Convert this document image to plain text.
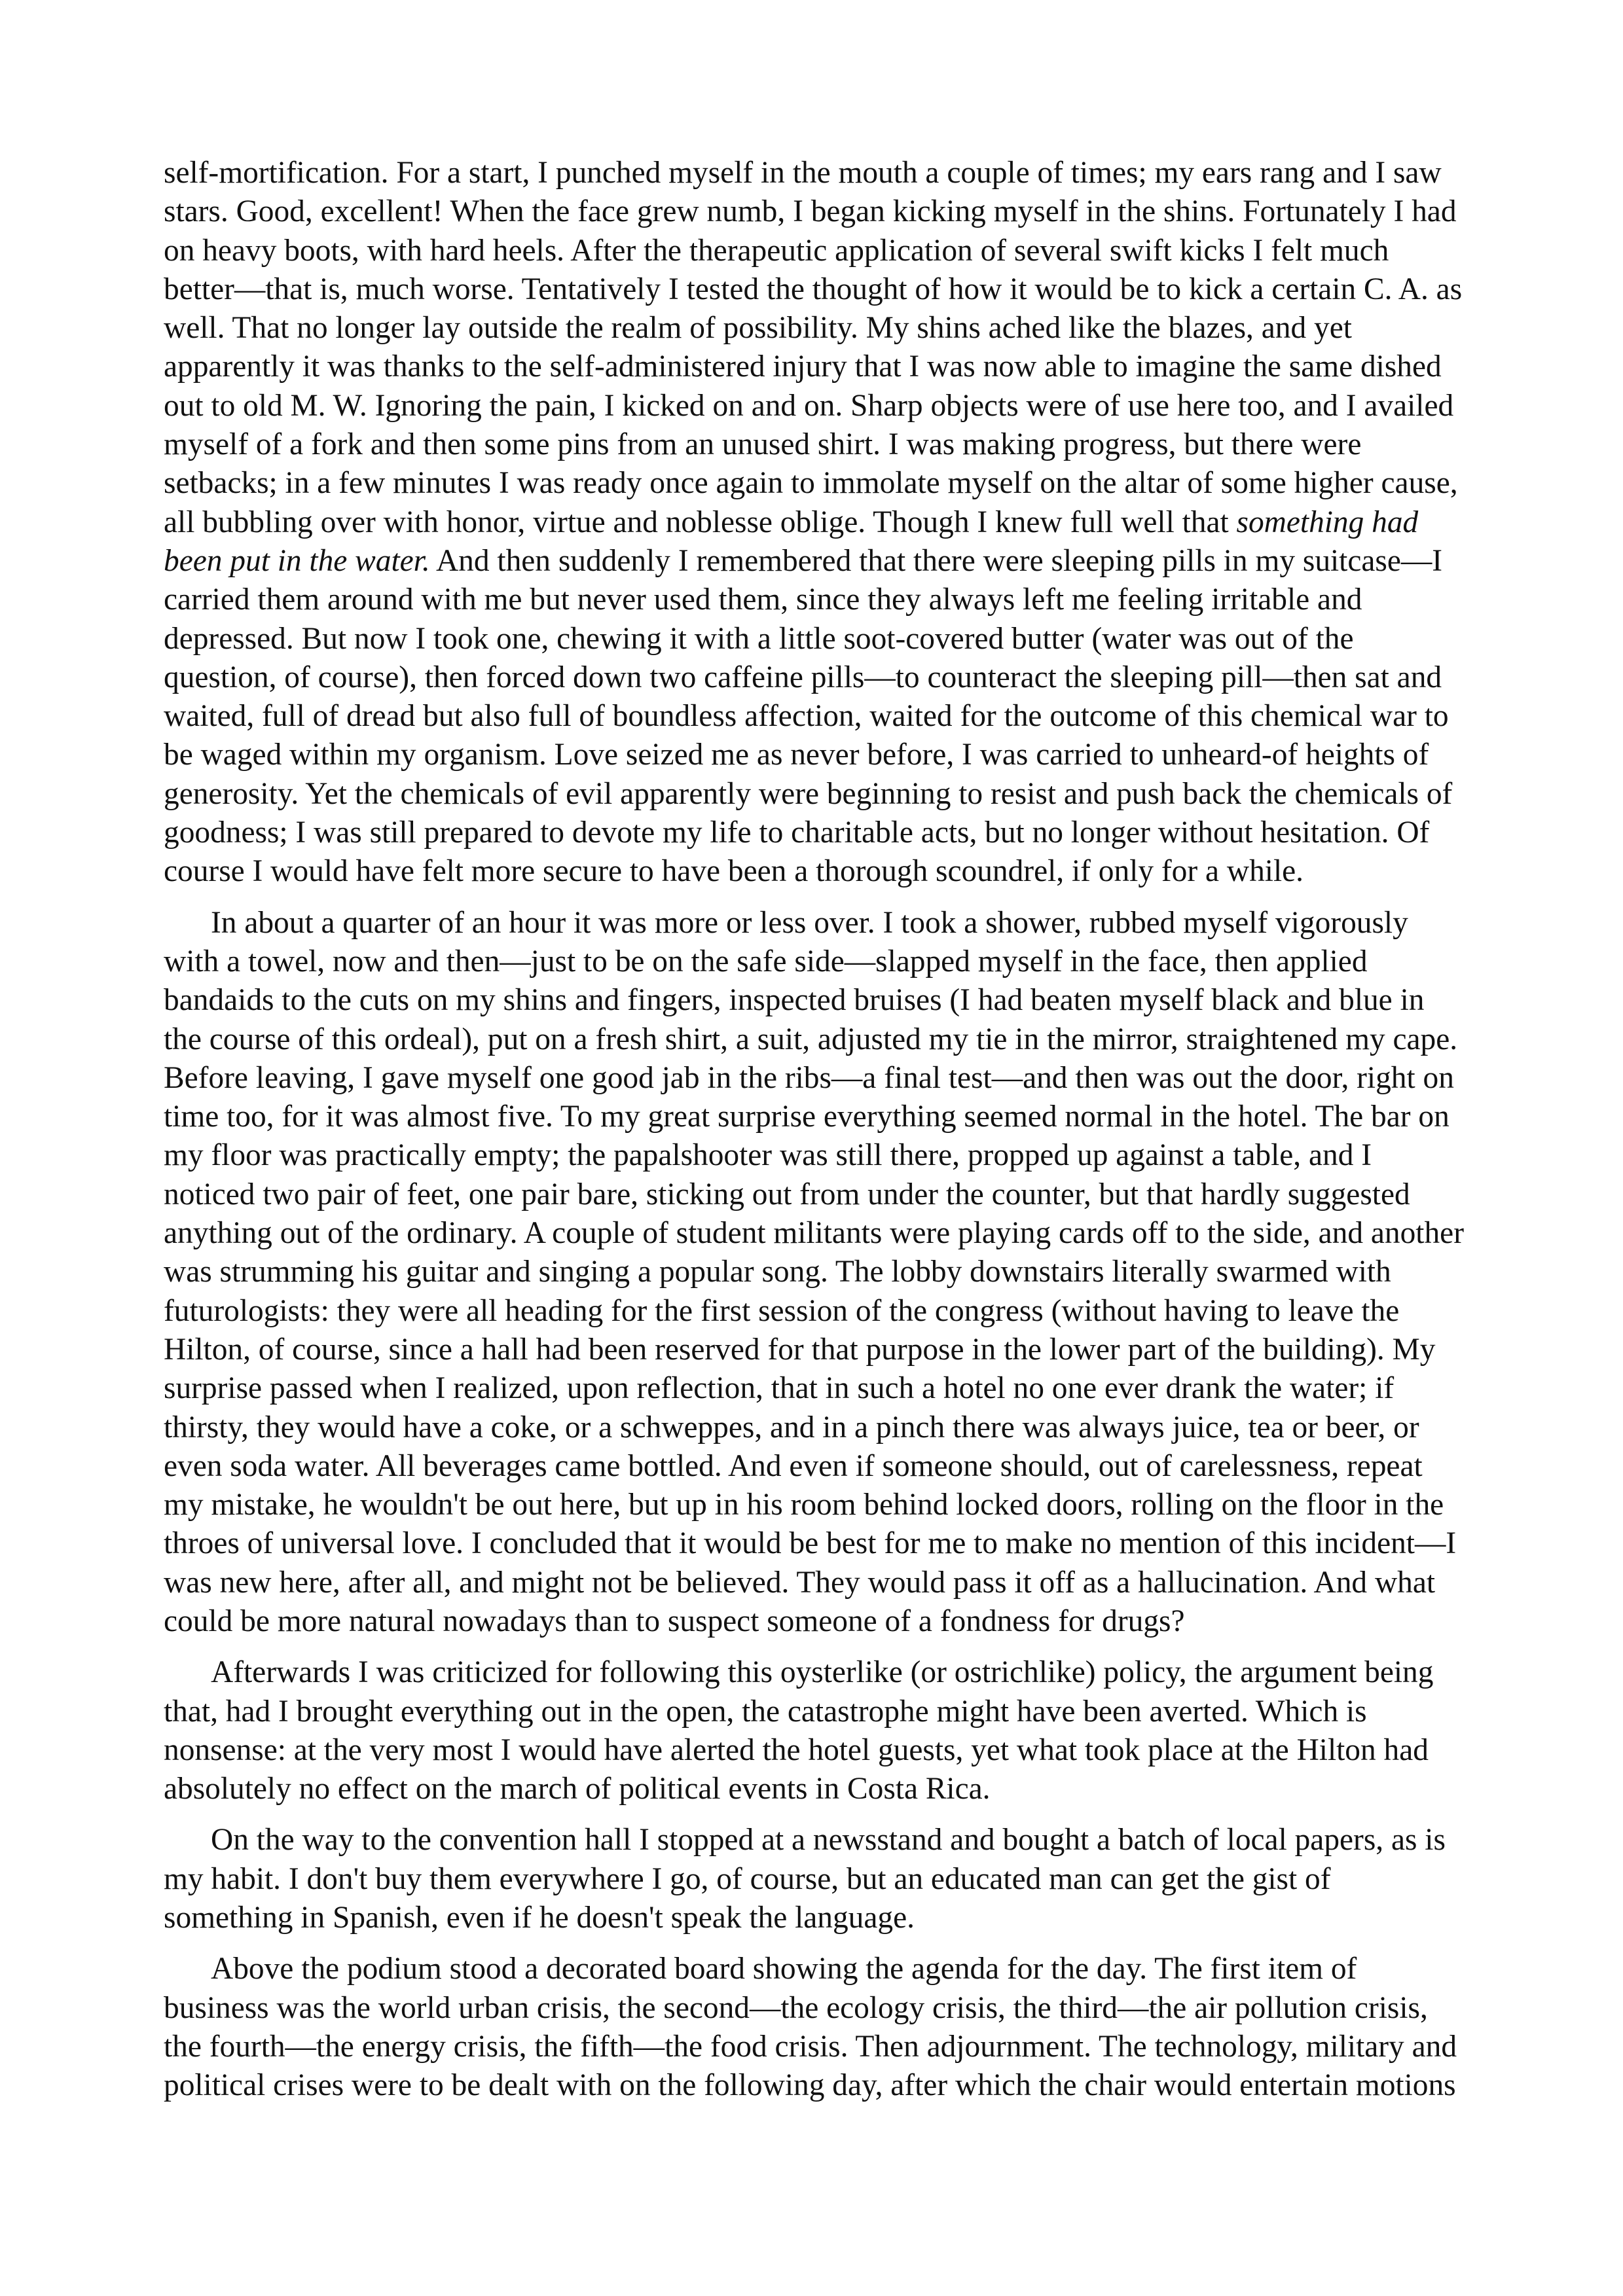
self-mortification. For a start, I punched myself in the mouth a couple of times; my ears rang and I saw stars. Good, excellent! When the face grew numb, I began kicking myself in the shins. Fortunately I had on heavy boots, with hard heels. After the therapeutic application of several swift kicks I felt much better—that is, much worse. Tentatively I tested the thought of how it would be to kick a certain C. A. as well. That no longer lay outside the realm of possibility. My shins ached like the blazes, and yet apparently it was thanks to the self-administered injury that I was now able to imagine the same dished out to old M. W. Ignoring the pain, I kicked on and on. Sharp objects were of use here too, and I availed myself of a fork and then some pins from an unused shirt. I was making progress, but there were setbacks; in a few minutes I was ready once again to immolate myself on the altar of some higher cause, all bubbling over with honor, virtue and noblesse oblige. Though I knew full well that something had been put in the water. And then suddenly I remembered that there were sleeping pills in my suitcase—I carried them around with me but never used them, since they always left me feeling irritable and depressed. But now I took one, chewing it with a little soot-covered butter (water was out of the question, of course), then forced down two caffeine pills—to counteract the sleeping pill—then sat and waited, full of dread but also full of boundless affection, waited for the outcome of this chemical war to be waged within my organism. Love seized me as never before, I was carried to unheard-of heights of generosity. Yet the chemicals of evil apparently were beginning to resist and push back the chemicals of goodness; I was still prepared to devote my life to charitable acts, but no longer without hesitation. Of course I would have felt more secure to have been a thorough scoundrel, if only for a while.

In about a quarter of an hour it was more or less over. I took a shower, rubbed myself vigorously with a towel, now and then—just to be on the safe side—slapped myself in the face, then applied bandaids to the cuts on my shins and fingers, inspected bruises (I had beaten myself black and blue in the course of this ordeal), put on a fresh shirt, a suit, adjusted my tie in the mirror, straightened my cape. Before leaving, I gave myself one good jab in the ribs—a final test—and then was out the door, right on time too, for it was almost five. To my great surprise everything seemed normal in the hotel. The bar on my floor was practically empty; the papalshooter was still there, propped up against a table, and I noticed two pair of feet, one pair bare, sticking out from under the counter, but that hardly suggested anything out of the ordinary. A couple of student militants were playing cards off to the side, and another was strumming his guitar and singing a popular song. The lobby downstairs literally swarmed with futurologists: they were all heading for the first session of the congress (without having to leave the Hilton, of course, since a hall had been reserved for that purpose in the lower part of the building). My surprise passed when I realized, upon reflection, that in such a hotel no one ever drank the water; if thirsty, they would have a coke, or a schweppes, and in a pinch there was always juice, tea or beer, or even soda water. All beverages came bottled. And even if someone should, out of carelessness, repeat my mistake, he wouldn't be out here, but up in his room behind locked doors, rolling on the floor in the throes of universal love. I concluded that it would be best for me to make no mention of this incident—I was new here, after all, and might not be believed. They would pass it off as a hallucination. And what could be more natural nowadays than to suspect someone of a fondness for drugs?

Afterwards I was criticized for following this oysterlike (or ostrichlike) policy, the argument being that, had I brought everything out in the open, the catastrophe might have been averted. Which is nonsense: at the very most I would have alerted the hotel guests, yet what took place at the Hilton had absolutely no effect on the march of political events in Costa Rica.

On the way to the convention hall I stopped at a newsstand and bought a batch of local papers, as is my habit. I don't buy them everywhere I go, of course, but an educated man can get the gist of something in Spanish, even if he doesn't speak the language.

Above the podium stood a decorated board showing the agenda for the day. The first item of business was the world urban crisis, the second—the ecology crisis, the third—the air pollution crisis, the fourth—the energy crisis, the fifth—the food crisis. Then adjournment. The technology, military and political crises were to be dealt with on the following day, after which the chair would entertain motions
